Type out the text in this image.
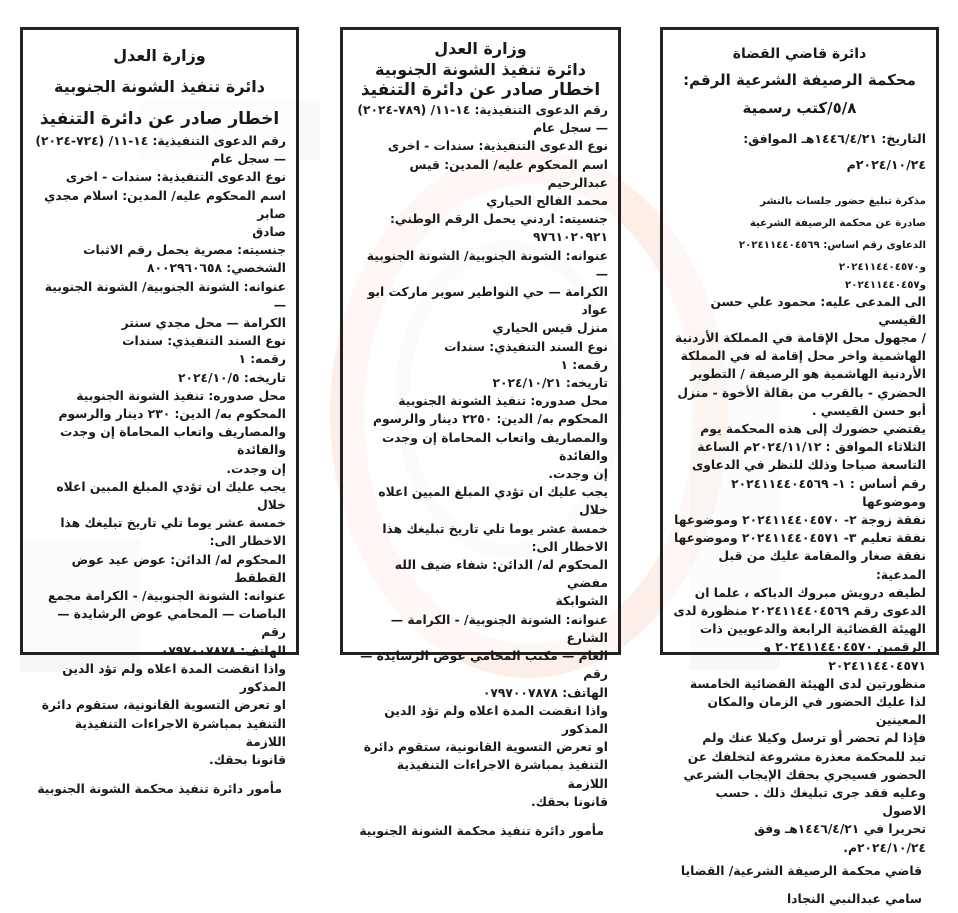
وزارة العدل

دائرة تنفيذ الشونة الجنوبية

اخطار صادر عن دائرة التنفيذ

رقم الدعوى التنفيذية: ١٤-١١/ (٧٢٤-٢٠٢٤)

— سجل عام

نوع الدعوى التنفيذية: سندات - اخرى

اسم المحكوم عليه/ المدين: اسلام مجدي صابر

صادق

جنسيته: مصرية يحمل رقم الاثبات

الشخصي: ٨٠٠٢٩٦٠٦٥٨

عنوانه: الشونة الجنوبية/ الشونة الجنوبية —

الكرامة — محل مجدي سنتر

نوع السند التنفيذي: سندات

رقمه: ١

تاريخه: ٢٠٢٤/١٠/٥

محل صدوره: تنفيذ الشونة الجنوبية

المحكوم به/ الدين: ٢٣٠ دينار والرسوم

والمصاريف واتعاب المحاماة إن وجدت والفائدة

إن وجدت.

يجب عليك ان تؤدي المبلغ المبين اعلاه خلال

خمسة عشر يوما تلي تاريخ تبليغك هذا

الاخطار الى:

المحكوم له/ الدائن: عوض عيد عوض القطقط

عنوانه: الشونة الجنوبية/ - الكرامة مجمع

الباصات — المحامي عوض الرشايدة — رقم

الهاتف: ٠٧٩٧٠٠٧٨٧٨

واذا انقضت المدة اعلاه ولم تؤد الدين المذكور

او تعرض التسوية القانونية، ستقوم دائرة

التنفيذ بمباشرة الاجراءات التنفيذية اللازمة

قانونا بحقك.

مأمور دائرة تنفيذ محكمة الشونة الجنوبية

وزارة العدل

دائرة تنفيذ الشونة الجنوبية

اخطار صادر عن دائرة التنفيذ

رقم الدعوى التنفيذية: ١٤-١١/ (٧٨٩-٢٠٢٤)

— سجل عام

نوع الدعوى التنفيذية: سندات - اخرى

اسم المحكوم عليه/ المدين: قيس عبدالرحيم

محمد الفالح الحياري

جنسيته: اردني يحمل الرقم الوطني:

٩٧٦١٠٢٠٩٢١

عنوانه: الشونة الجنوبية/ الشونة الجنوبية —

الكرامة — حي النواطير سوبر ماركت ابو عواد

منزل قيس الحياري

نوع السند التنفيذي: سندات

رقمه: ١

تاريخه: ٢٠٢٤/١٠/٢١

محل صدوره: تنفيذ الشونة الجنوبية

المحكوم به/ الدين: ٢٢٥٠ دينار والرسوم

والمصاريف واتعاب المحاماة إن وجدت والفائدة

إن وجدت.

يجب عليك ان تؤدي المبلغ المبين اعلاه خلال

خمسة عشر يوما تلي تاريخ تبليغك هذا

الاخطار الى:

المحكوم له/ الدائن: شفاء ضيف الله مفضي

الشوابكة

عنوانه: الشونة الجنوبية/ - الكرامة — الشارع

العام — مكتب المحامي عوض الرشايدة — رقم

الهاتف: ٠٧٩٧٠٠٧٨٧٨

واذا انقضت المدة اعلاه ولم تؤد الدين المذكور

او تعرض التسوية القانونية، ستقوم دائرة

التنفيذ بمباشرة الاجراءات التنفيذية اللازمة

قانونا بحقك.

مأمور دائرة تنفيذ محكمة الشونة الجنوبية

دائرة قاضي القضاة

محكمة الرصيفة الشرعية الرقم:

٥/٨/كتب رسمية

التاريخ: ١٤٤٦/٤/٢١هـ الموافق: ٢٠٢٤/١٠/٢٤م

مذكرة تبليغ حضور جلسات بالنشر

صادرة عن محكمة الرصيفة الشرعية

الدعاوى رقم اساس: ٢٠٢٤١١٤٤٠٤٥٦٩ و٢٠٢٤١١٤٤٠٤٥٧٠

و٢٠٢٤١١٤٤٠٤٥٧

الى المدعى عليه: محمود علي حسن القيسي

/ مجهول محل الإقامة في المملكة الأردنية

الهاشمية واخر محل إقامة له في المملكة

الأردنية الهاشمية هو الرصيفة / التطوير

الحضري - بالقرب من بقالة الأخوة - منزل

أبو حسن القيسي .

يقتضي حضورك إلى هذه المحكمة يوم

الثلاثاء الموافق : ٢٠٢٤/١١/١٢م الساعة

التاسعة صباحا وذلك للنظر في الدعاوى

رقم أساس : ١- ٢٠٢٤١١٤٤٠٤٥٦٩ وموضوعها

نفقة زوجة ٢- ٢٠٢٤١١٤٤٠٤٥٧٠ وموضوعها

نفقة تعليم ٣- ٢٠٢٤١١٤٤٠٤٥٧١ وموضوعها

نفقة صغار والمقامة عليك من قبل المدعية:

لطيفه درويش مبروك الدباكه ، علما ان

الدعوى رقم ٢٠٢٤١١٤٤٠٤٥٦٩ منظورة لدى

الهيئة القضائية الرابعة والدعويين ذات

الرقمين ٢٠٢٤١١٤٤٠٤٥٧٠ و ٢٠٢٤١١٤٤٠٤٥٧١

منظورتين لدى الهيئة القضائية الخامسة

لذا عليك الحضور في الزمان والمكان المعينين

فإذا لم تحضر أو ترسل وكيلا عنك ولم

تبد للمحكمة معذرة مشروعة لتخلفك عن

الحضور فسيجري بحقك الإيجاب الشرعي

وعليه فقد جرى تبليغك ذلك . حسب الاصول

تحريرا في ١٤٤٦/٤/٢١هـ وفق ٢٠٢٤/١٠/٢٤م.

قاضي محكمة الرصيفة الشرعية/ القضايا

سامي عبدالنبي النجادا
